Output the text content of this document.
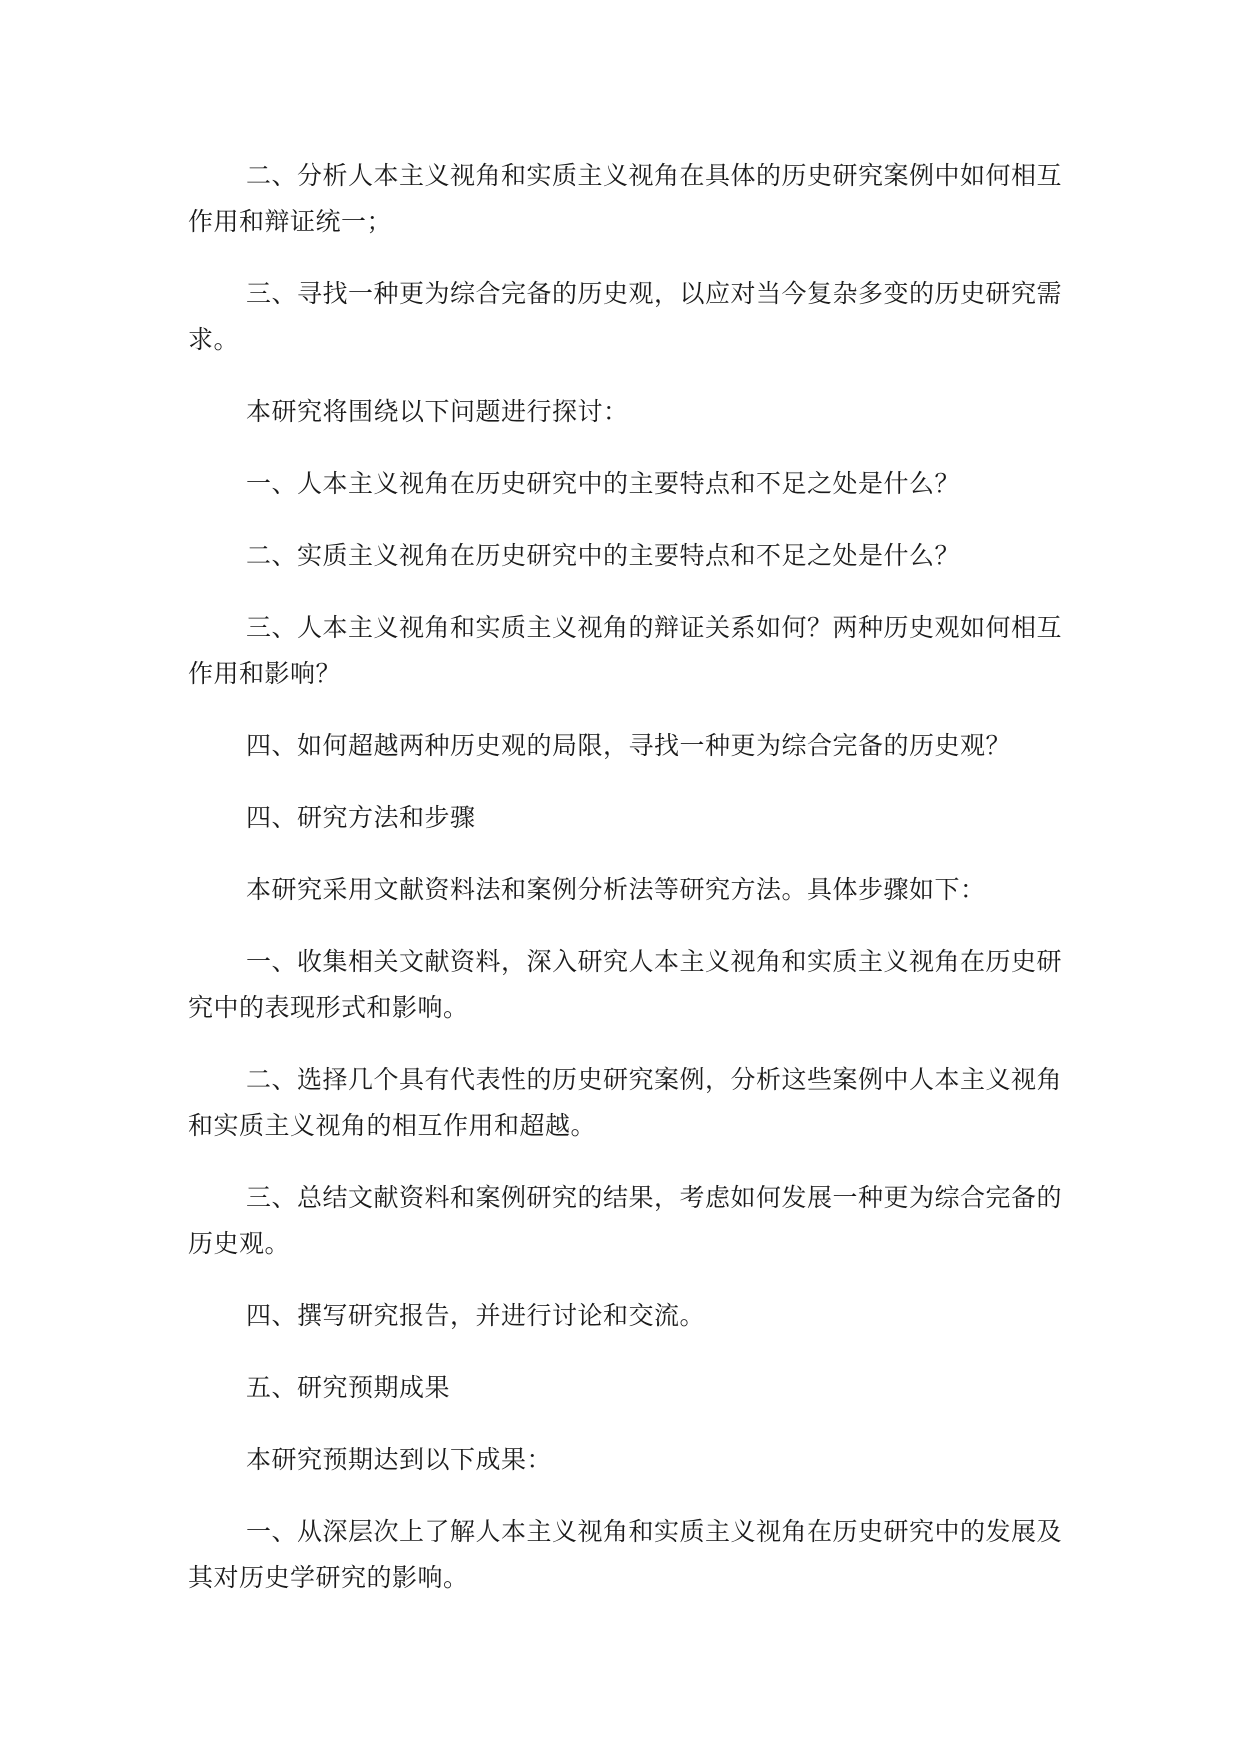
二、分析人本主义视角和实质主义视角在具体的历史研究案例中如何相互作用和辩证统一；

三、寻找一种更为综合完备的历史观，以应对当今复杂多变的历史研究需求。

本研究将围绕以下问题进行探讨：

一、人本主义视角在历史研究中的主要特点和不足之处是什么？

二、实质主义视角在历史研究中的主要特点和不足之处是什么？

三、人本主义视角和实质主义视角的辩证关系如何？两种历史观如何相互作用和影响？

四、如何超越两种历史观的局限，寻找一种更为综合完备的历史观？

四、研究方法和步骤

本研究采用文献资料法和案例分析法等研究方法。具体步骤如下：

一、收集相关文献资料，深入研究人本主义视角和实质主义视角在历史研究中的表现形式和影响。

二、选择几个具有代表性的历史研究案例，分析这些案例中人本主义视角和实质主义视角的相互作用和超越。

三、总结文献资料和案例研究的结果，考虑如何发展一种更为综合完备的历史观。

四、撰写研究报告，并进行讨论和交流。

五、研究预期成果

本研究预期达到以下成果：

一、从深层次上了解人本主义视角和实质主义视角在历史研究中的发展及其对历史学研究的影响。
